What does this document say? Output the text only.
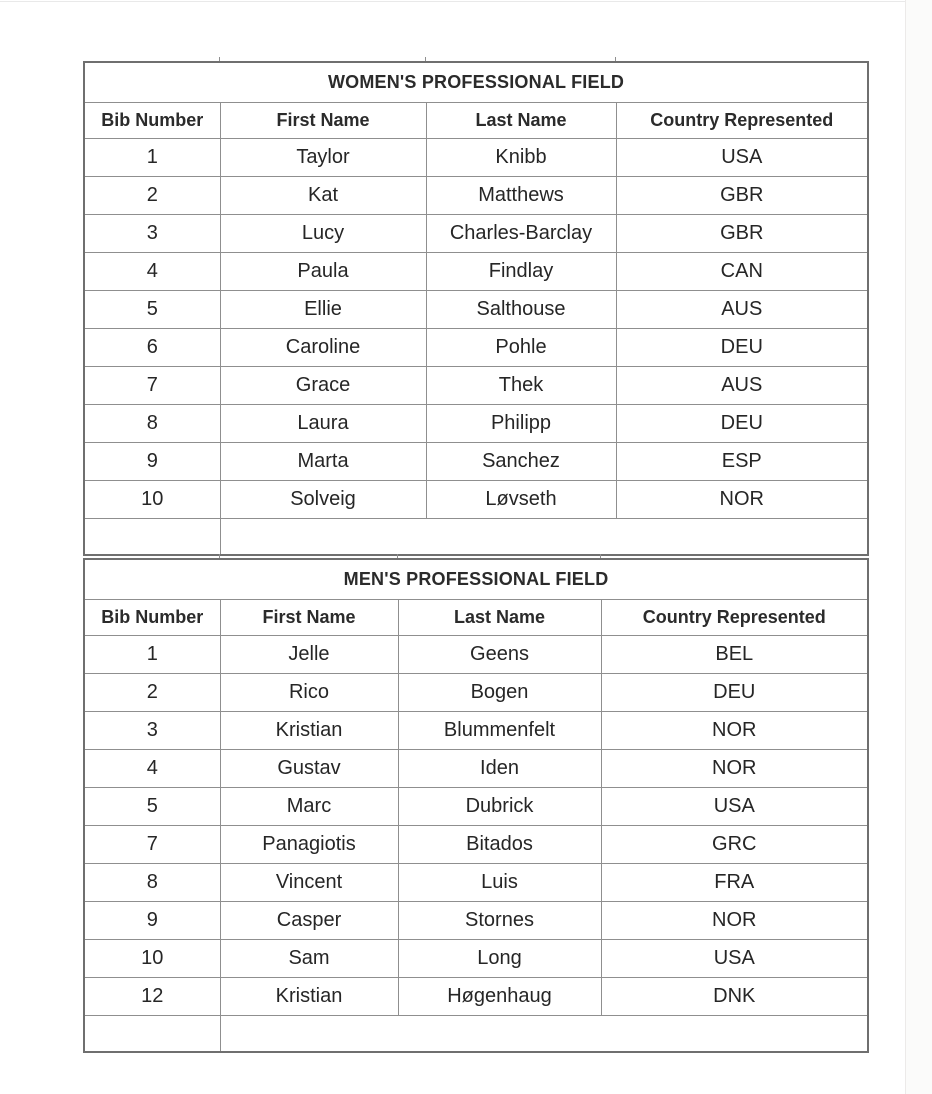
WOMEN'S PROFESSIONAL FIELD			
Bib Number	First Name	Last Name	Country Represented
1	Taylor	Knibb	USA
2	Kat	Matthews	GBR
3	Lucy	Charles-Barclay	GBR
4	Paula	Findlay	CAN
5	Ellie	Salthouse	AUS
6	Caroline	Pohle	DEU
7	Grace	Thek	AUS
8	Laura	Philipp	DEU
9	Marta	Sanchez	ESP
10	Solveig	Løvseth	NOR

MEN'S PROFESSIONAL FIELD			
Bib Number	First Name	Last Name	Country Represented
1	Jelle	Geens	BEL
2	Rico	Bogen	DEU
3	Kristian	Blummenfelt	NOR
4	Gustav	Iden	NOR
5	Marc	Dubrick	USA
7	Panagiotis	Bitados	GRC
8	Vincent	Luis	FRA
9	Casper	Stornes	NOR
10	Sam	Long	USA
12	Kristian	Høgenhaug	DNK
